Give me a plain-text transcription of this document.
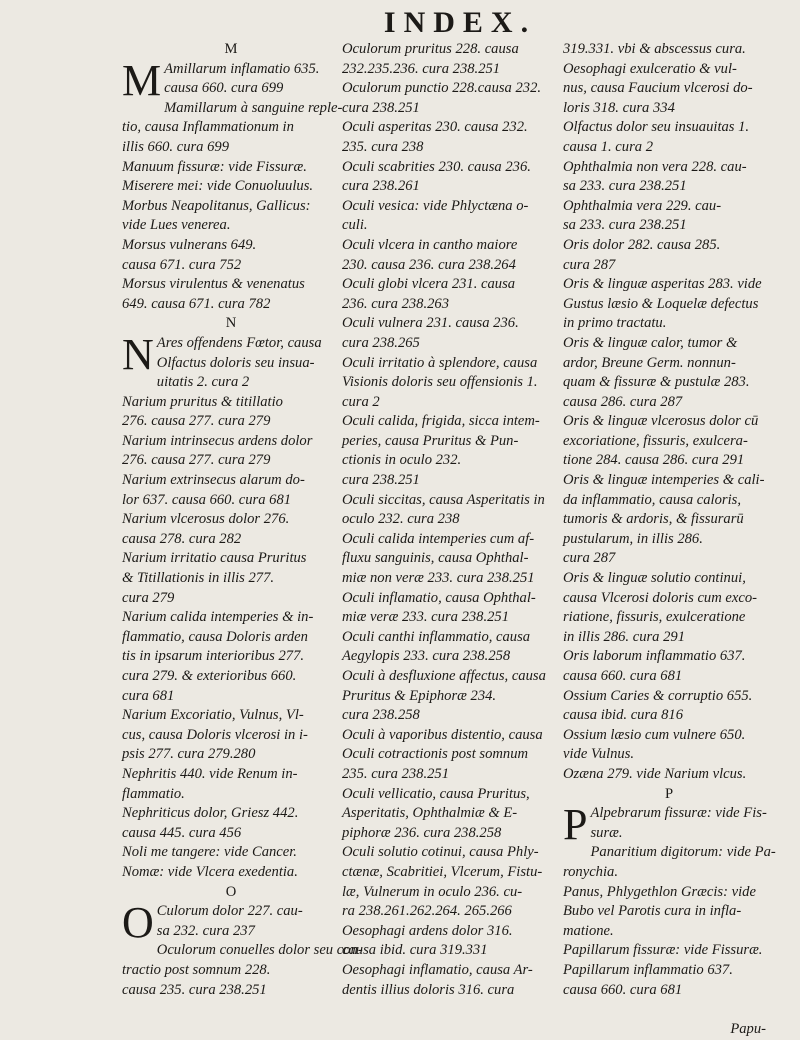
INDEX.
M
M Amillarum inflamatio 635.
causa 660. cura 699
Mamillarum à sanguine reple-
tio, causa Inflammationum in
illis 660. cura 699
Manuum fissuræ: vide Fissuræ.
Miserere mei: vide Conuoluulus.
Morbus Neapolitanus, Gallicus:
vide Lues venerea.
Morsus vulnerans 649.
causa 671. cura 752
Morsus virulentus & venenatus
649. causa 671. cura 782
N
N Ares offendens Fœtor, causa
Olfactus doloris seu insua-
uitatis 2. cura 2
Narium pruritus & titillatio
276. causa 277. cura 279
Narium intrinsecus ardens dolor
276. causa 277. cura 279
Narium extrinsecus alarum do-
lor 637. causa 660. cura 681
Narium vlcerosus dolor 276.
causa 278. cura 282
Narium irritatio causa Pruritus
& Titillationis in illis 277.
cura 279
Narium calida intemperies & in-
flammatio, causa Doloris arden
tis in ipsarum interioribus 277.
cura 279. & exterioribus 660.
cura 681
Narium Excoriatio, Vulnus, Vl-
cus, causa Doloris vlcerosi in i-
psis 277. cura 279.280
Nephritis 440. vide Renum in-
flammatio.
Nephriticus dolor, Griesz 442.
causa 445. cura 456
Noli me tangere: vide Cancer.
Nomæ: vide Vlcera exedentia.
O
O Culorum dolor 227. cau-
sa 232. cura 237
Oculorum conuelles dolor seu con-
tractio post somnum 228.
causa 235. cura 238.251
Oculorum pruritus 228. causa
232.235.236. cura 238.251
Oculorum punctio 228.causa 232.
cura 238.251
Oculi asperitas 230. causa 232.
235. cura 238
Oculi scabrities 230. causa 236.
cura 238.261
Oculi vesica: vide Phlyctæna o-
culi.
Oculi vlcera in cantho maiore
230. causa 236. cura 238.264
Oculi globi vlcera 231. causa
236. cura 238.263
Oculi vulnera 231. causa 236.
cura 238.265
Oculi irritatio à splendore, causa
Visionis doloris seu offensionis 1.
cura 2
Oculi calida, frigida, sicca intem-
peries, causa Pruritus & Pun-
ctionis in oculo 232.
cura 238.251
Oculi siccitas, causa Asperitatis in
oculo 232. cura 238
Oculi calida intemperies cum af-
fluxu sanguinis, causa Ophthal-
miæ non veræ 233. cura 238.251
Oculi inflamatio, causa Ophthal-
miæ veræ 233. cura 238.251
Oculi canthi inflammatio, causa
Aegylopis 233. cura 238.258
Oculi à desfluxione affectus, causa
Pruritus & Epiphoræ 234.
cura 238.258
Oculi à vaporibus distentio, causa
Oculi cotractionis post somnum
235. cura 238.251
Oculi vellicatio, causa Pruritus,
Asperitatis, Ophthalmiæ & E-
piphoræ 236. cura 238.258
Oculi solutio cotinui, causa Phly-
ctænæ, Scabritiei, Vlcerum, Fistu-
læ, Vulnerum in oculo 236. cu-
ra 238.261.262.264. 265.266
Oesophagi ardens dolor 316.
causa ibid. cura 319.331
Oesophagi inflamatio, causa Ar-
dentis illius doloris 316. cura
319.331. vbi & abscessus cura.
Oesophagi exulceratio & vul-
nus, causa Faucium vlcerosi do-
loris 318. cura 334
Olfactus dolor seu insuauitas 1.
causa 1. cura 2
Ophthalmia non vera 228. cau-
sa 233. cura 238.251
Ophthalmia vera 229. cau-
sa 233. cura 238.251
Oris dolor 282. causa 285.
cura 287
Oris & linguæ asperitas 283. vide
Gustus læsio & Loquelæ defectus
in primo tractatu.
Oris & linguæ calor, tumor &
ardor, Breune Germ. nonnun-
quam & fissuræ & pustulæ 283.
causa 286. cura 287
Oris & linguæ vlcerosus dolor cū
excoriatione, fissuris, exulcera-
tione 284. causa 286. cura 291
Oris & linguæ intemperies & cali-
da inflammatio, causa caloris,
tumoris & ardoris, & fissurarū
pustularum, in illis 286.
cura 287
Oris & linguæ solutio continui,
causa Vlcerosi doloris cum exco-
riatione, fissuris, exulceratione
in illis 286. cura 291
Oris laborum inflammatio 637.
causa 660. cura 681
Ossium Caries & corruptio 655.
causa ibid. cura 816
Ossium læsio cum vulnere 650.
vide Vulnus.
Ozæna 279. vide Narium vlcus.
P
P Alpebrarum fissuræ: vide Fis-
suræ.
Panaritium digitorum: vide Pa-
ronychia.
Panus, Phlygethlon Græcis: vide
Bubo vel Parotis cura in infla-
matione.
Papillarum fissuræ: vide Fissuræ.
Papillarum inflammatio 637.
causa 660. cura 681
Papu-
